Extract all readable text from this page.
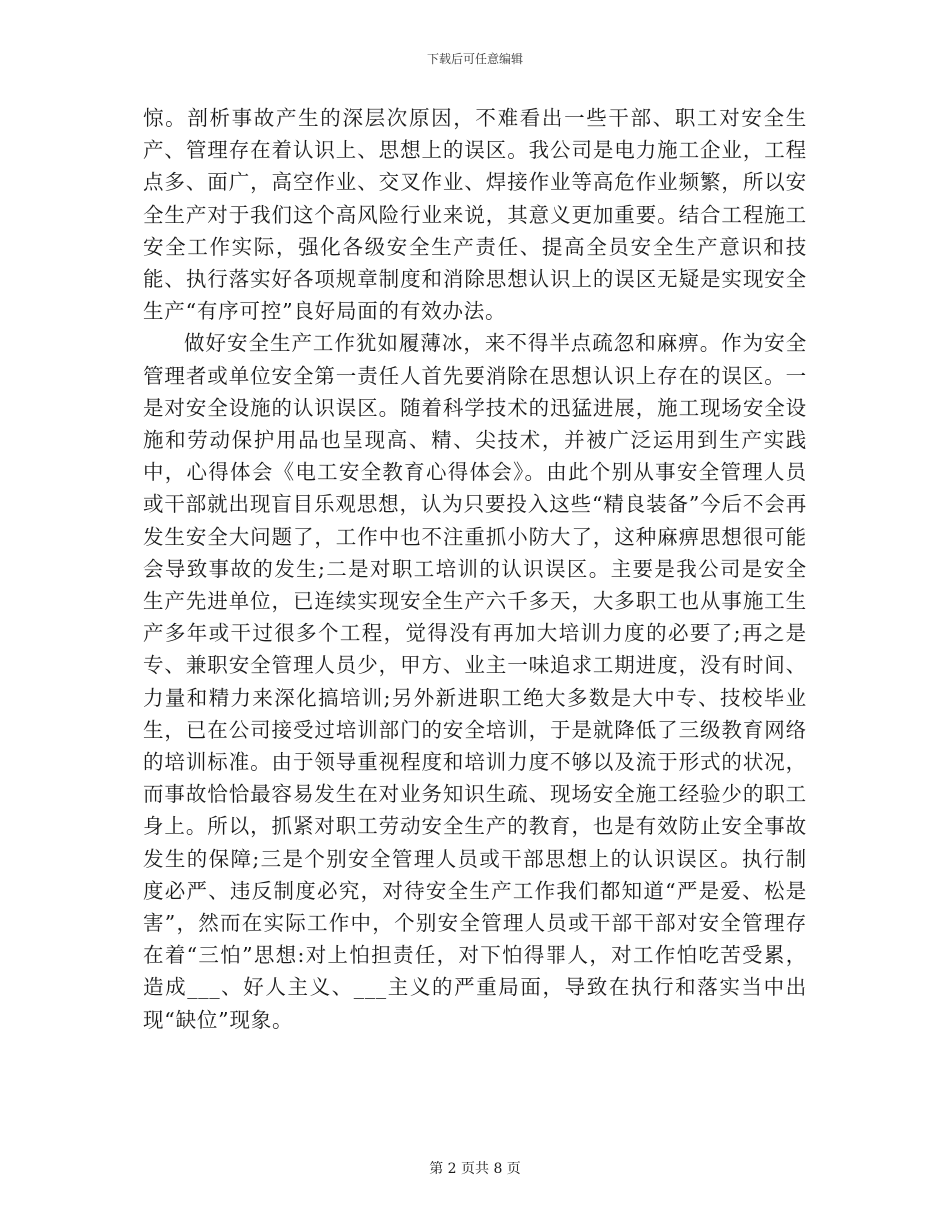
下载后可任意编辑

惊。剖析事故产生的深层次原因，不难看出一些干部、职工对安全生产、管理存在着认识上、思想上的误区。我公司是电力施工企业，工程点多、面广，高空作业、交叉作业、焊接作业等高危作业频繁，所以安全生产对于我们这个高风险行业来说，其意义更加重要。结合工程施工安全工作实际，强化各级安全生产责任、提高全员安全生产意识和技能、执行落实好各项规章制度和消除思想认识上的误区无疑是实现安全生产“有序可控”良好局面的有效办法。

做好安全生产工作犹如履薄冰，来不得半点疏忽和麻痹。作为安全管理者或单位安全第一责任人首先要消除在思想认识上存在的误区。一是对安全设施的认识误区。随着科学技术的迅猛进展，施工现场安全设施和劳动保护用品也呈现高、精、尖技术，并被广泛运用到生产实践中，心得体会《电工安全教育心得体会》。由此个别从事安全管理人员或干部就出现盲目乐观思想，认为只要投入这些“精良装备”今后不会再发生安全大问题了，工作中也不注重抓小防大了，这种麻痹思想很可能会导致事故的发生;二是对职工培训的认识误区。主要是我公司是安全生产先进单位，已连续实现安全生产六千多天，大多职工也从事施工生产多年或干过很多个工程，觉得没有再加大培训力度的必要了;再之是专、兼职安全管理人员少，甲方、业主一味追求工期进度，没有时间、力量和精力来深化搞培训;另外新进职工绝大多数是大中专、技校毕业生，已在公司接受过培训部门的安全培训，于是就降低了三级教育网络的培训标准。由于领导重视程度和培训力度不够以及流于形式的状况，而事故恰恰最容易发生在对业务知识生疏、现场安全施工经验少的职工身上。所以，抓紧对职工劳动安全生产的教育，也是有效防止安全事故发生的保障;三是个别安全管理人员或干部思想上的认识误区。执行制度必严、违反制度必究，对待安全生产工作我们都知道“严是爱、松是害”，然而在实际工作中，个别安全管理人员或干部干部对安全管理存在着“三怕”思想:对上怕担责任，对下怕得罪人，对工作怕吃苦受累，造成___、好人主义、___主义的严重局面，导致在执行和落实当中出现“缺位”现象。

第 2 页共 8 页
